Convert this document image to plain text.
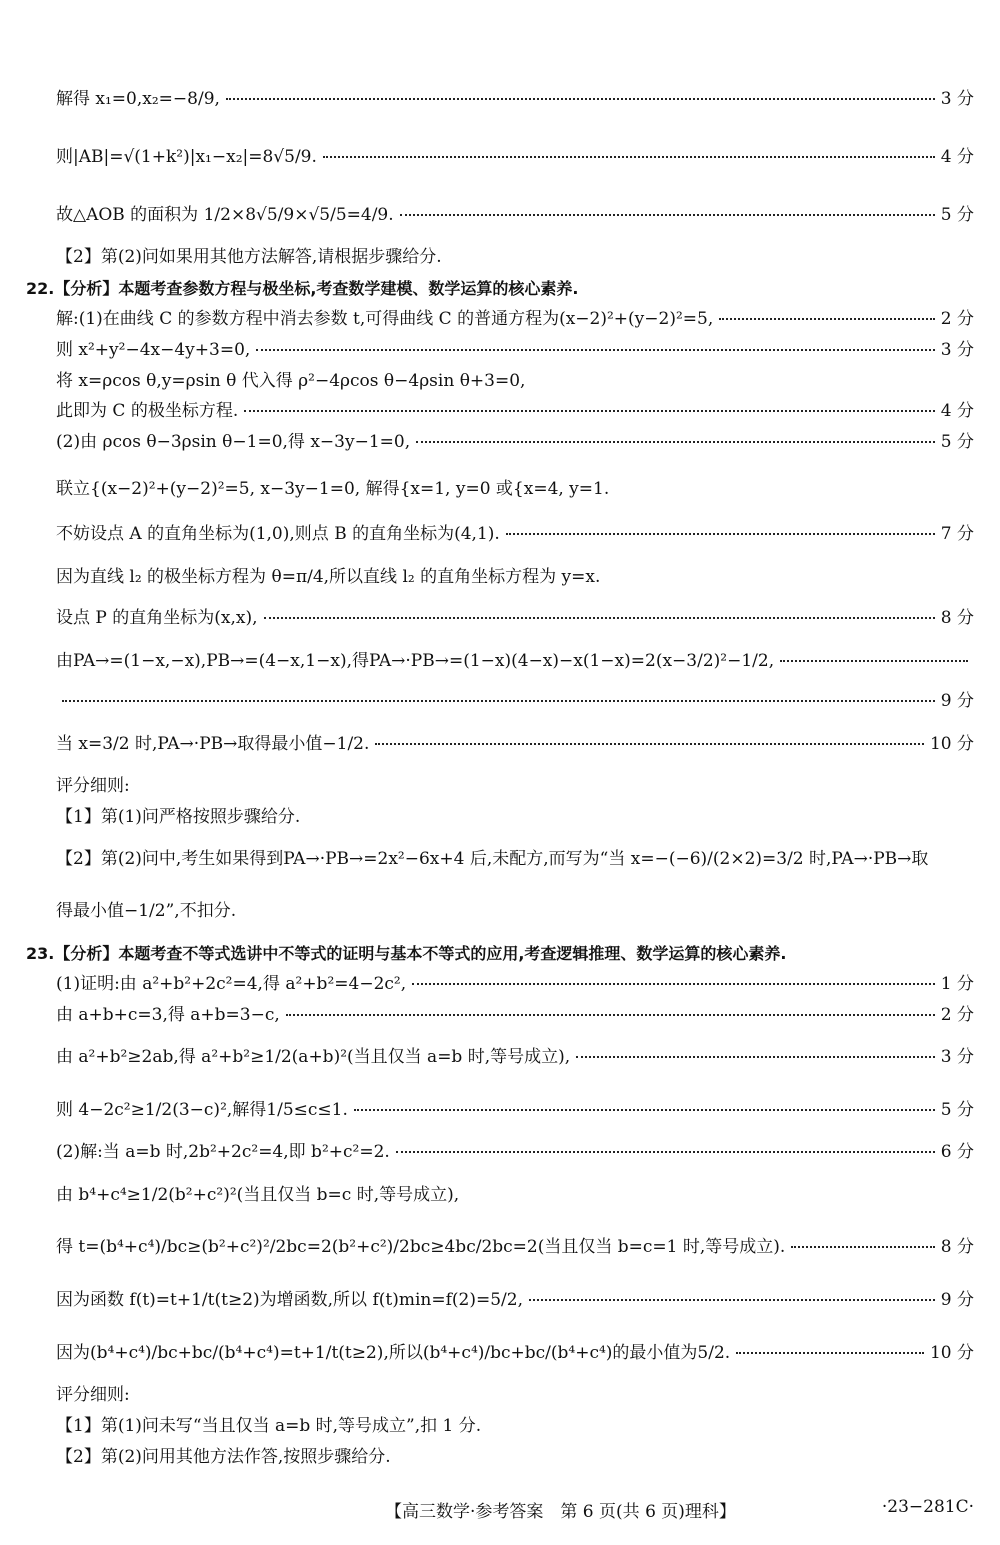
解得 x₁=0,x₂=−8/9,	3 分
则|AB|=√(1+k²)|x₁−x₂|=8√5/9.	4 分
故△AOB 的面积为 1/2×8√5/9×√5/5=4/9.	5 分
【2】第(2)问如果用其他方法解答,请根据步骤给分.
22.【分析】本题考查参数方程与极坐标,考查数学建模、数学运算的核心素养.
解:(1)在曲线 C 的参数方程中消去参数 t,可得曲线 C 的普通方程为(x−2)²+(y−2)²=5,	2 分
则 x²+y²−4x−4y+3=0,	3 分
将 x=ρcos θ,y=ρsin θ 代入得 ρ²−4ρcos θ−4ρsin θ+3=0,
此即为 C 的极坐标方程.	4 分
(2)由 ρcos θ−3ρsin θ−1=0,得 x−3y−1=0,	5 分
联立{(x−2)²+(y−2)²=5, x−3y−1=0, 解得{x=1, y=0 或{x=4, y=1.
不妨设点 A 的直角坐标为(1,0),则点 B 的直角坐标为(4,1).	7 分
因为直线 l₂ 的极坐标方程为 θ=π/4,所以直线 l₂ 的直角坐标方程为 y=x.
设点 P 的直角坐标为(x,x),	8 分
由PA→=(1−x,−x),PB→=(4−x,1−x),得PA→·PB→=(1−x)(4−x)−x(1−x)=2(x−3/2)²−1/2,
9 分
当 x=3/2 时,PA→·PB→取得最小值−1/2.	10 分
评分细则:
【1】第(1)问严格按照步骤给分.
【2】第(2)问中,考生如果得到PA→·PB→=2x²−6x+4 后,未配方,而写为“当 x=−(−6)/(2×2)=3/2 时,PA→·PB→取
得最小值−1/2”,不扣分.
23.【分析】本题考查不等式选讲中不等式的证明与基本不等式的应用,考查逻辑推理、数学运算的核心素养.
(1)证明:由 a²+b²+2c²=4,得 a²+b²=4−2c²,	1 分
由 a+b+c=3,得 a+b=3−c,	2 分
由 a²+b²≥2ab,得 a²+b²≥1/2(a+b)²(当且仅当 a=b 时,等号成立),	3 分
则 4−2c²≥1/2(3−c)²,解得1/5≤c≤1.	5 分
(2)解:当 a=b 时,2b²+2c²=4,即 b²+c²=2.	6 分
由 b⁴+c⁴≥1/2(b²+c²)²(当且仅当 b=c 时,等号成立),
得 t=(b⁴+c⁴)/bc≥(b²+c²)²/2bc=2(b²+c²)/2bc≥4bc/2bc=2(当且仅当 b=c=1 时,等号成立).	8 分
因为函数 f(t)=t+1/t(t≥2)为增函数,所以 f(t)min=f(2)=5/2,	9 分
因为(b⁴+c⁴)/bc+bc/(b⁴+c⁴)=t+1/t(t≥2),所以(b⁴+c⁴)/bc+bc/(b⁴+c⁴)的最小值为5/2.	10 分
评分细则:
【1】第(1)问未写“当且仅当 a=b 时,等号成立”,扣 1 分.
【2】第(2)问用其他方法作答,按照步骤给分.
【高三数学·参考答案　第 6 页(共 6 页)理科】	·23−281C·
